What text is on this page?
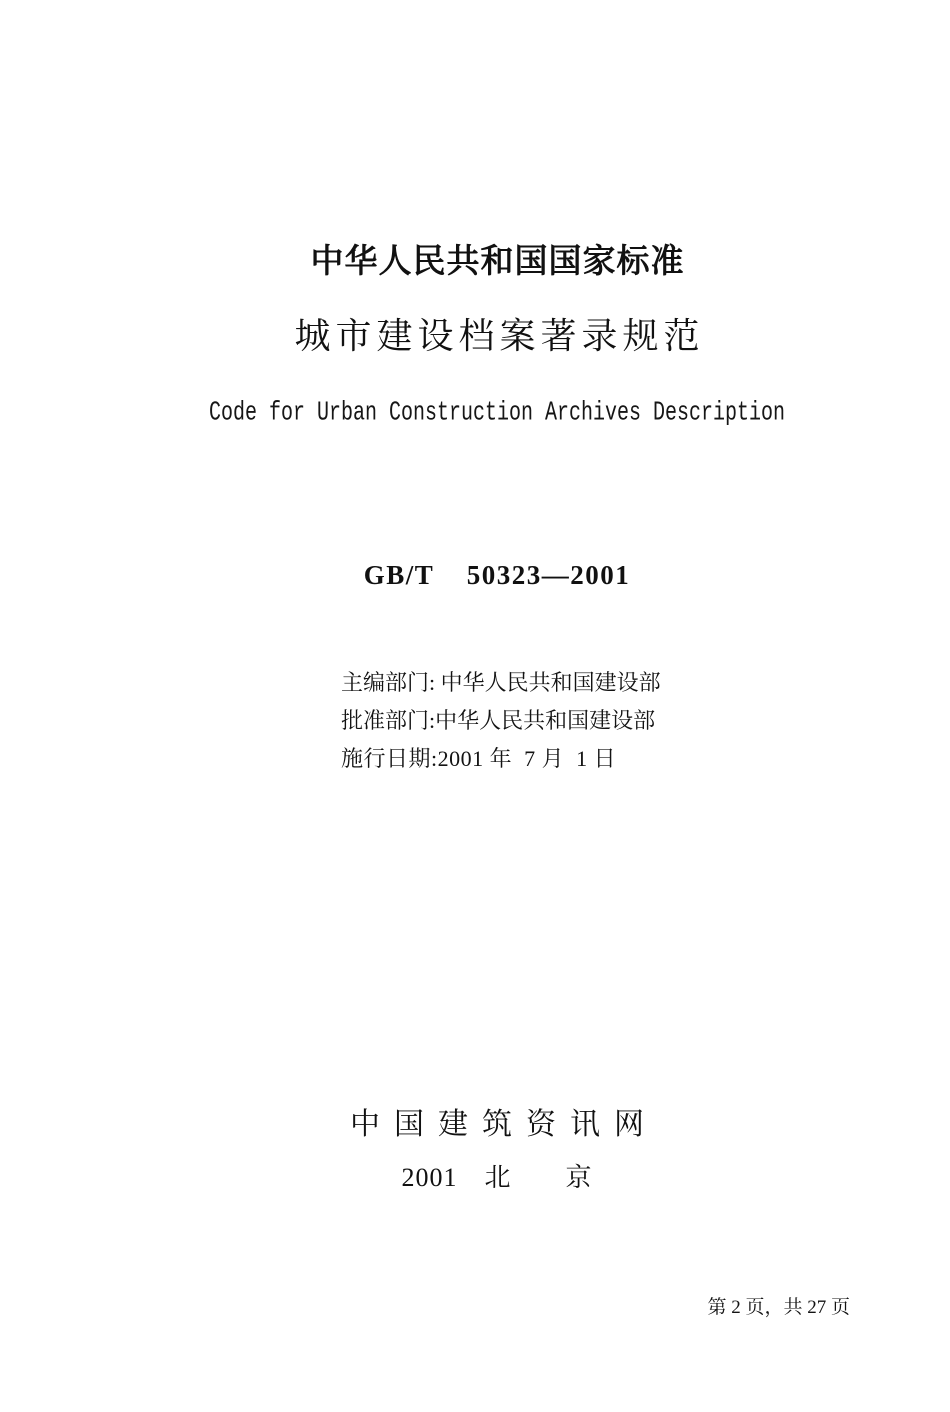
中华人民共和国国家标准
城市建设档案著录规范
Code for Urban Construction Archives Description
GB/T    50323—2001
主编部门: 中华人民共和国建设部
批准部门:中华人民共和国建设部
施行日期:2001 年  7 月  1 日
中国建筑资讯网
2001　北　　京
第 2 页，共 27 页
